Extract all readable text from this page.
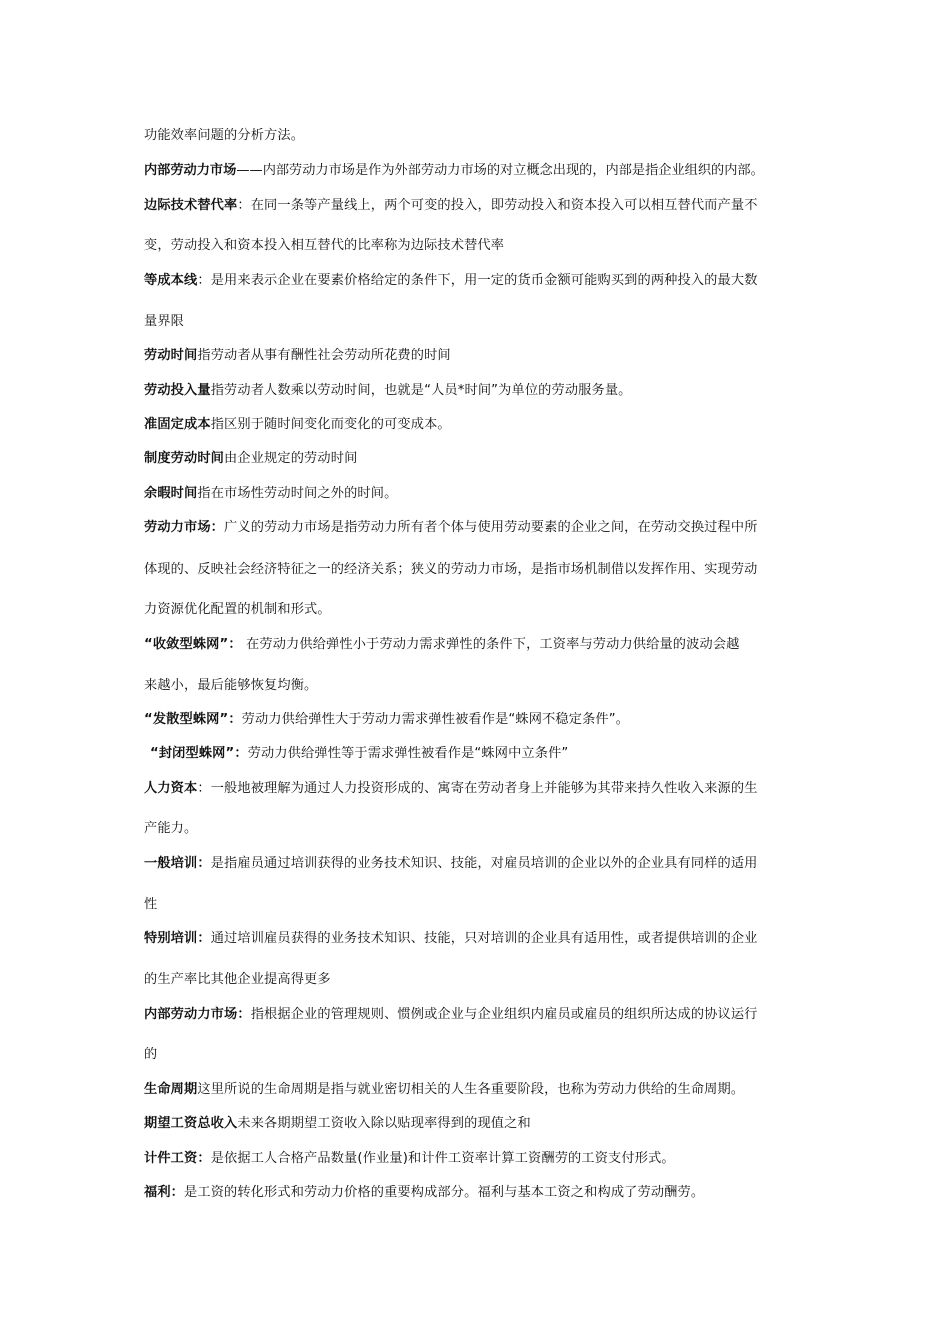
功能效率问题的分析方法。
内部劳动力市场——内部劳动力市场是作为外部劳动力市场的对立概念出现的，内部是指企业组织的内部。
边际技术替代率：在同一条等产量线上，两个可变的投入，即劳动投入和资本投入可以相互替代而产量不
变，劳动投入和资本投入相互替代的比率称为边际技术替代率
等成本线：是用来表示企业在要素价格给定的条件下，用一定的货币金额可能购买到的两种投入的最大数
量界限
劳动时间指劳动者从事有酬性社会劳动所花费的时间
劳动投入量指劳动者人数乘以劳动时间，也就是“人员*时间”为单位的劳动服务量。
准固定成本指区别于随时间变化而变化的可变成本。
制度劳动时间由企业规定的劳动时间
余暇时间指在市场性劳动时间之外的时间。
劳动力市场：广义的劳动力市场是指劳动力所有者个体与使用劳动要素的企业之间，在劳动交换过程中所
体现的、反映社会经济特征之一的经济关系；狭义的劳动力市场，是指市场机制借以发挥作用、实现劳动
力资源优化配置的机制和形式。
“收敛型蛛网”： 在劳动力供给弹性小于劳动力需求弹性的条件下，工资率与劳动力供给量的波动会越
来越小，最后能够恢复均衡。
“发散型蛛网”：劳动力供给弹性大于劳动力需求弹性被看作是“蛛网不稳定条件”。
“封闭型蛛网”：劳动力供给弹性等于需求弹性被看作是“蛛网中立条件”
人力资本：一般地被理解为通过人力投资形成的、寓寄在劳动者身上并能够为其带来持久性收入来源的生
产能力。
一般培训：是指雇员通过培训获得的业务技术知识、技能，对雇员培训的企业以外的企业具有同样的适用
性
特别培训：通过培训雇员获得的业务技术知识、技能，只对培训的企业具有适用性，或者提供培训的企业
的生产率比其他企业提高得更多
内部劳动力市场：指根据企业的管理规则、惯例或企业与企业组织内雇员或雇员的组织所达成的协议运行
的
生命周期这里所说的生命周期是指与就业密切相关的人生各重要阶段，也称为劳动力供给的生命周期。
期望工资总收入未来各期期望工资收入除以贴现率得到的现值之和
计件工资：是依据工人合格产品数量(作业量)和计件工资率计算工资酬劳的工资支付形式。
福利：是工资的转化形式和劳动力价格的重要构成部分。福利与基本工资之和构成了劳动酬劳。
